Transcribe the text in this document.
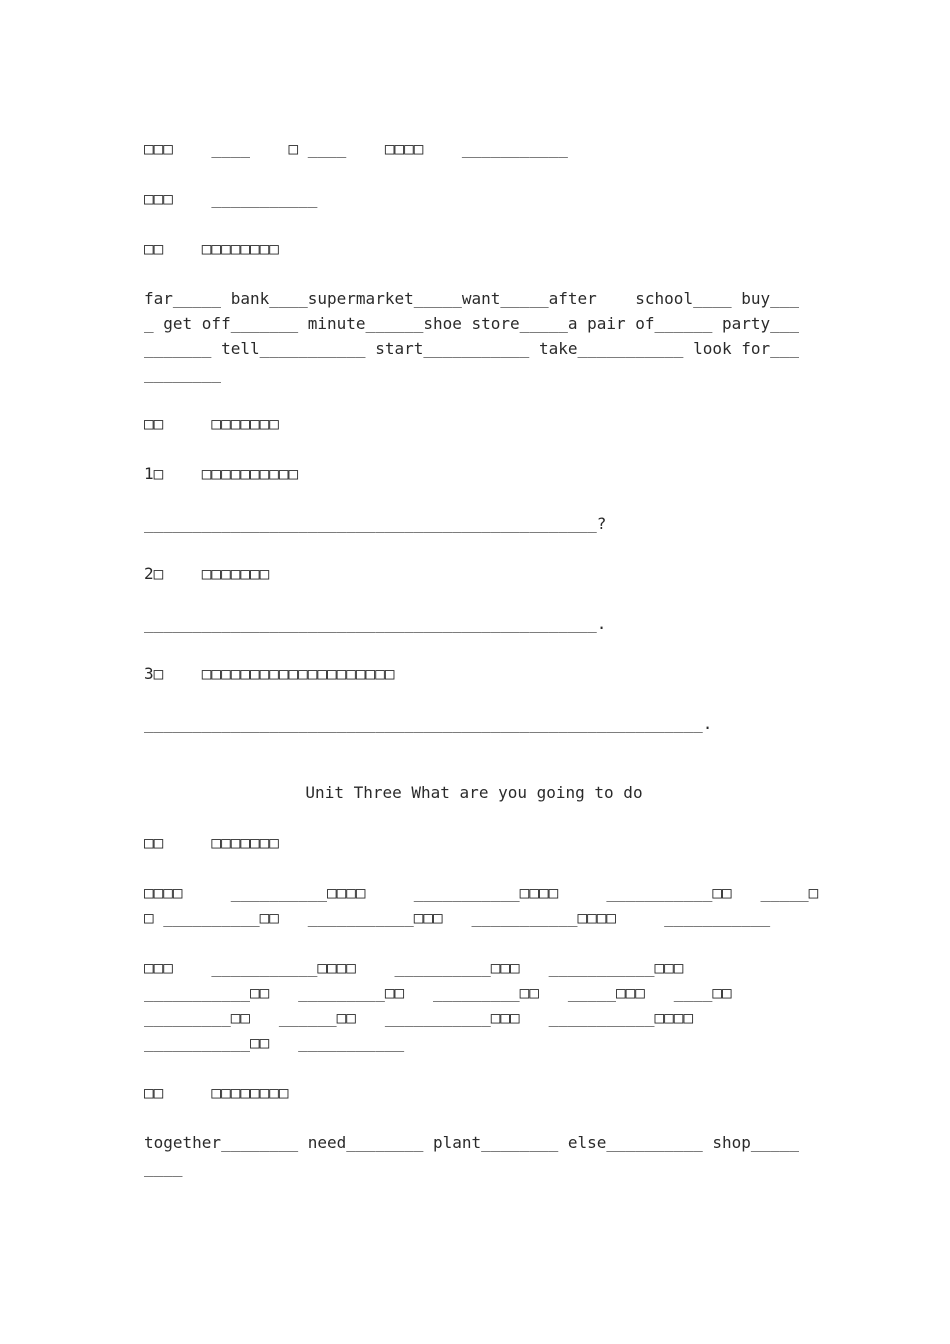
□□□    ____    □ ____    □□□□    ___________
□□□    ___________
□□    □□□□□□□□
far_____ bank____supermarket_____want_____after    school____ buy___
_ get off_______ minute______shoe store_____a pair of______ party___
_______ tell___________ start___________ take___________ look for___
________
□□     □□□□□□□
1□    □□□□□□□□□□
_______________________________________________?
2□    □□□□□□□
_______________________________________________.
3□    □□□□□□□□□□□□□□□□□□□□
__________________________________________________________.
Unit Three What are you going to do
□□     □□□□□□□
□□□□     __________□□□□     ___________□□□□     ___________□□   _____□
□ __________□□   ___________□□□   ___________□□□□     ___________
□□□    ___________□□□□    __________□□□   ___________□□□
___________□□   _________□□   _________□□   _____□□□   ____□□
_________□□   ______□□   ___________□□□   ___________□□□□
___________□□   ___________
□□     □□□□□□□□
together________ need________ plant________ else__________ shop_____
____
